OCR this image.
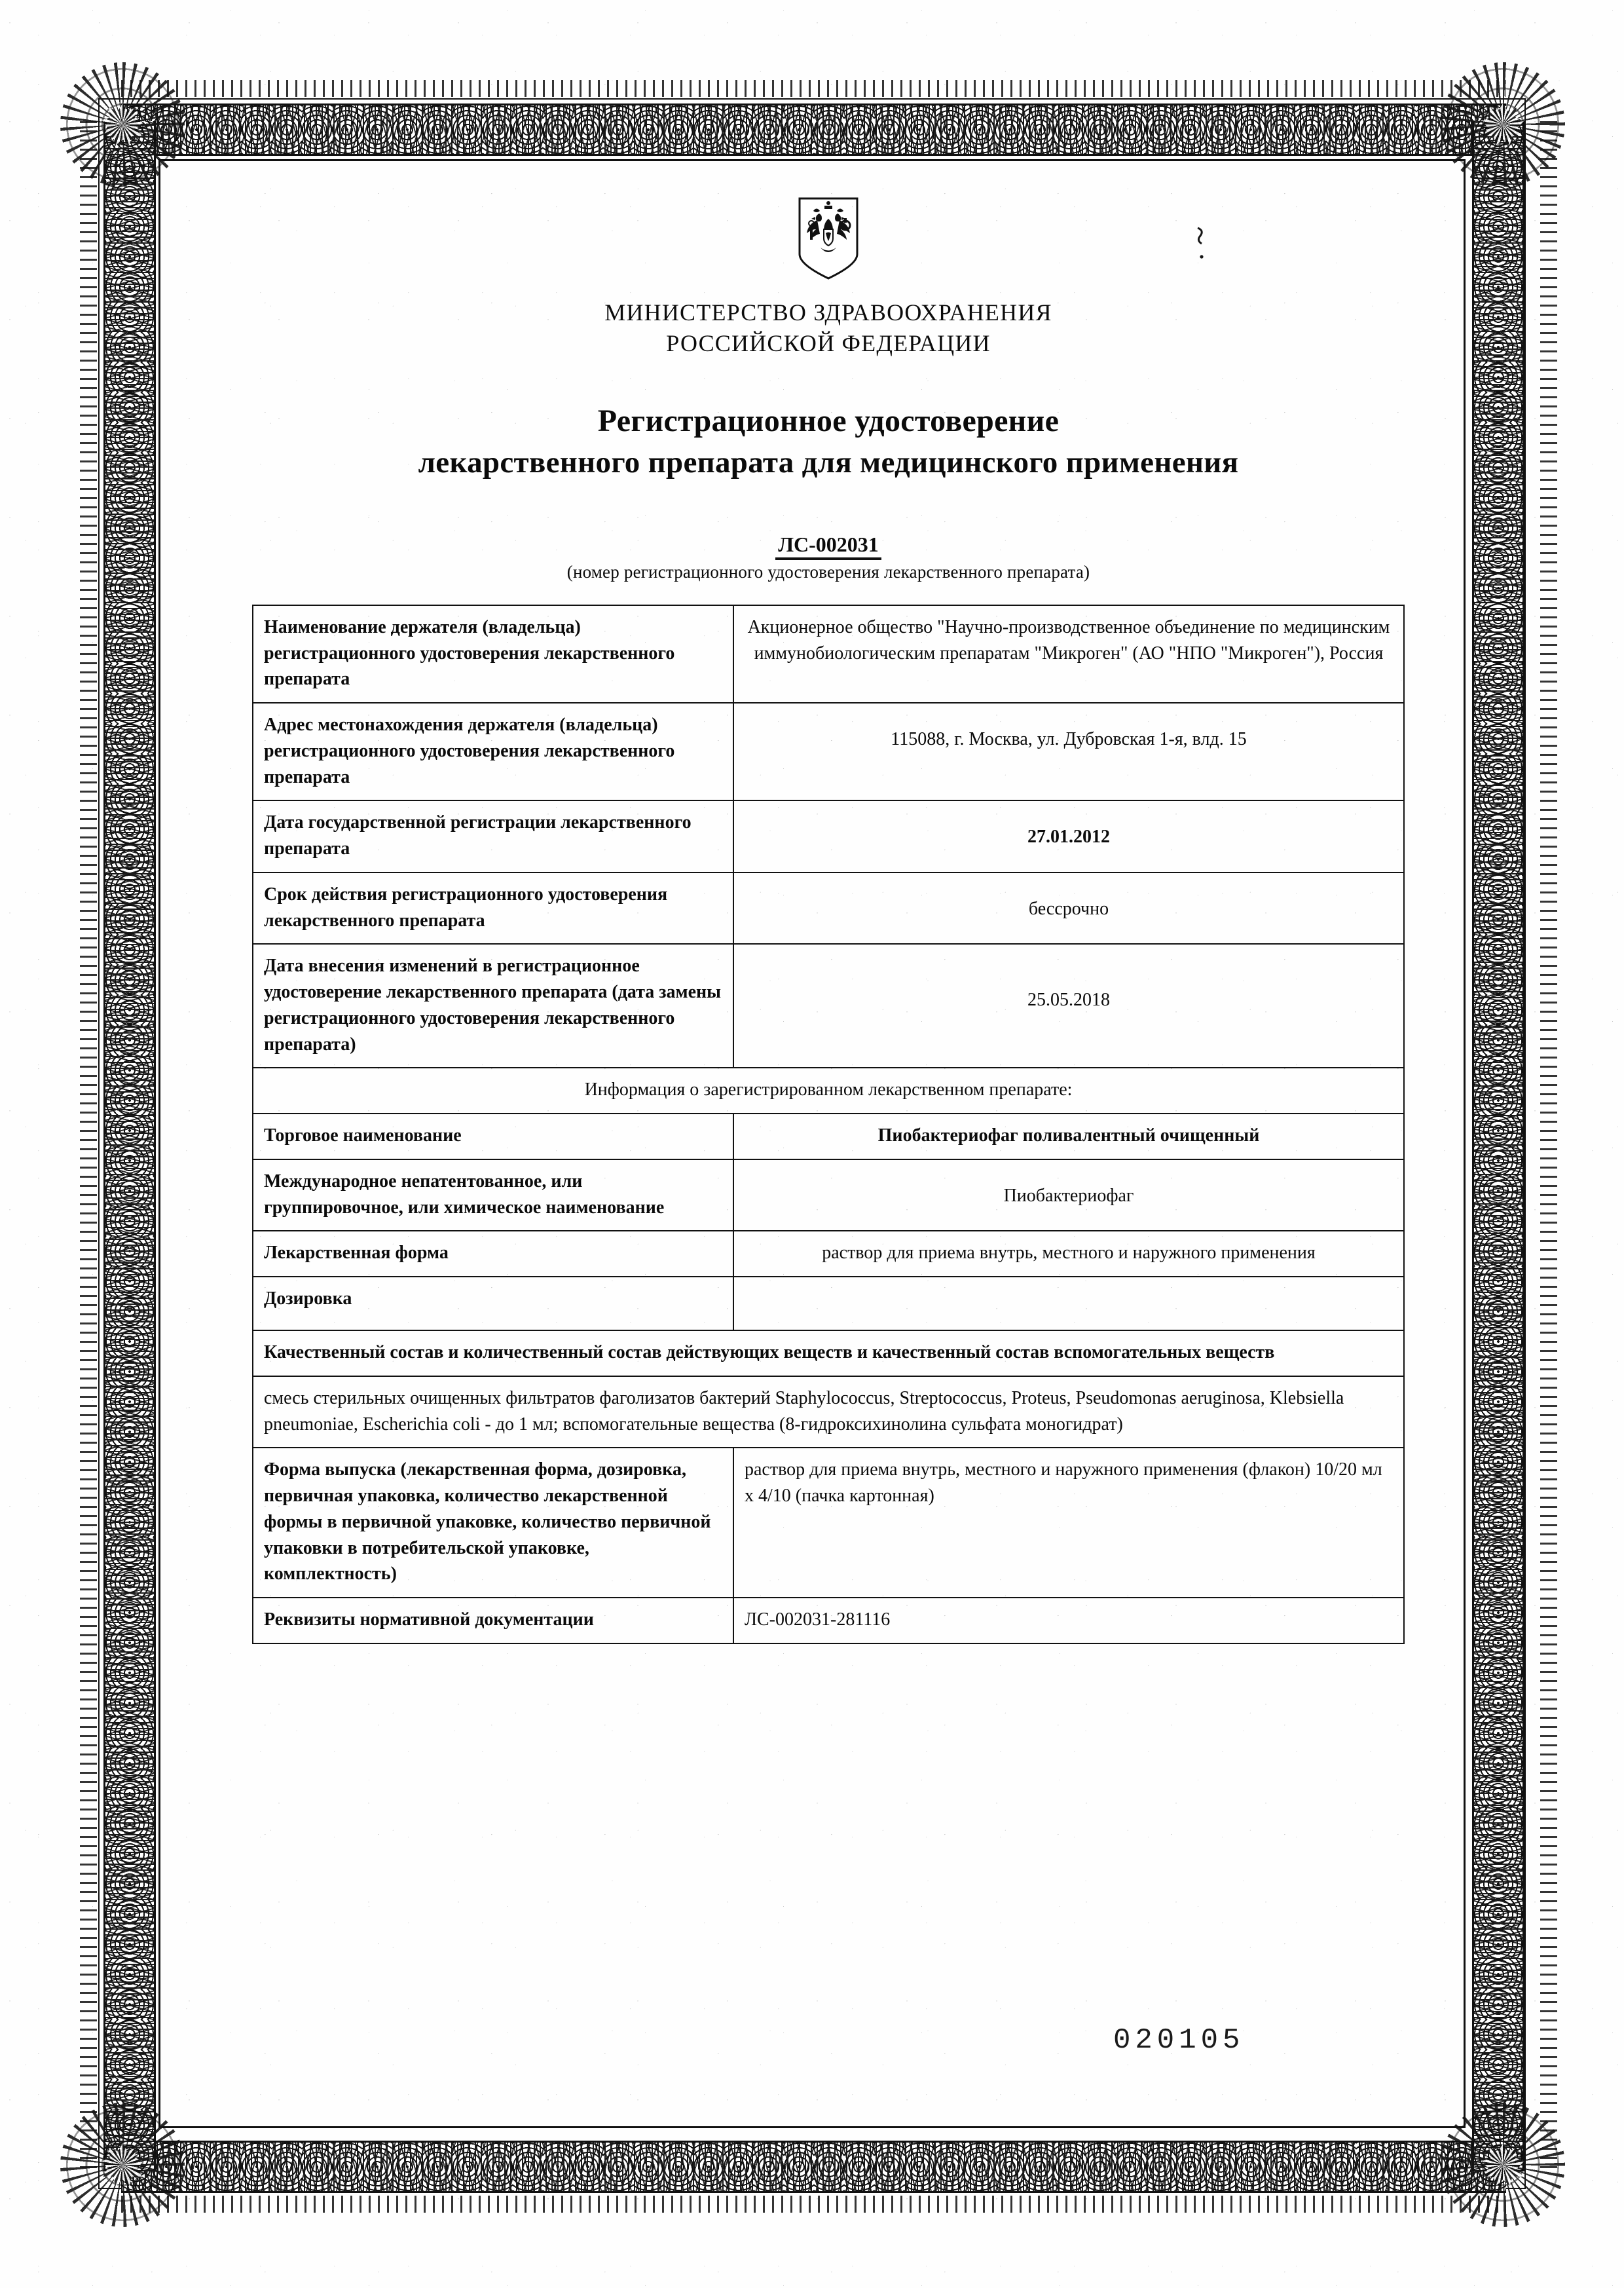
МИНИСТЕРСТВО ЗДРАВООХРАНЕНИЯ
РОССИЙСКОЙ ФЕДЕРАЦИИ
Регистрационное удостоверение
лекарственного препарата для медицинского применения
ЛС-002031
(номер регистрационного удостоверения лекарственного препарата)
Наименование держателя (владельца) регистрационного удостоверения лекарственного препарата	Акционерное общество "Научно-производственное объединение по медицинским иммунобиологическим препаратам "Микроген" (АО "НПО "Микроген"), Россия
Адрес местонахождения держателя (владельца) регистрационного удостоверения лекарственного препарата	115088, г. Москва, ул. Дубровская 1-я, влд. 15

Дата государственной регистрации лекарственного препарата	27.01.2012

Срок действия регистрационного удостоверения лекарственного препарата	бессрочно

Дата внесения изменений в регистрационное удостоверение лекарственного препарата (дата замены регистрационного удостоверения лекарственного препарата)	25.05.2018

Информация о зарегистрированном лекарственном препарате:	
Торговое наименование	Пиобактериофаг поливалентный очищенный
Международное непатентованное, или группировочное, или химическое наименование	Пиобактериофаг

Лекарственная форма	раствор для приема внутрь, местного и наружного применения
Дозировка	
Качественный состав и количественный состав действующих веществ и качественный состав вспомогательных веществ	
смесь стерильных очищенных фильтратов фаголизатов бактерий Staphylococcus, Streptococcus, Proteus, Pseudomonas aeruginosa, Klebsiella pneumoniae, Escherichia coli - до 1 мл; вспомогательные вещества (8-гидроксихинолина сульфата моногидрат)	
Форма выпуска (лекарственная форма, дозировка, первичная упаковка, количество лекарственной формы в первичной упаковке, количество первичной упаковки в потребительской упаковке, комплектность)	раствор для приема внутрь, местного и наружного применения (флакон) 10/20 мл х 4/10 (пачка картонная)
Реквизиты нормативной документации	ЛС-002031-281116
020105
